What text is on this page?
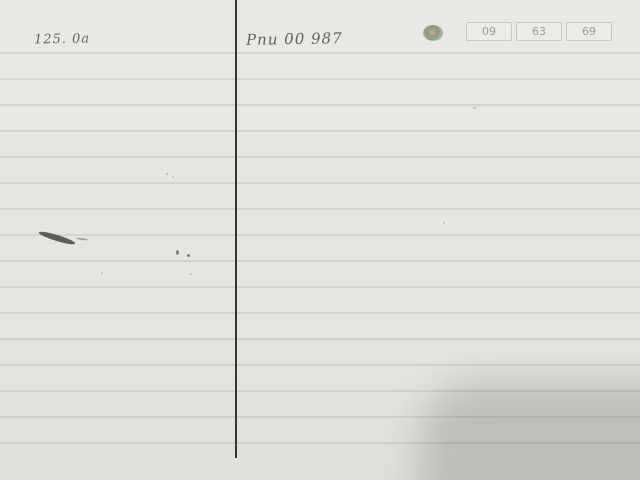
125. 0a	Pnu 00 987	09	63	69
